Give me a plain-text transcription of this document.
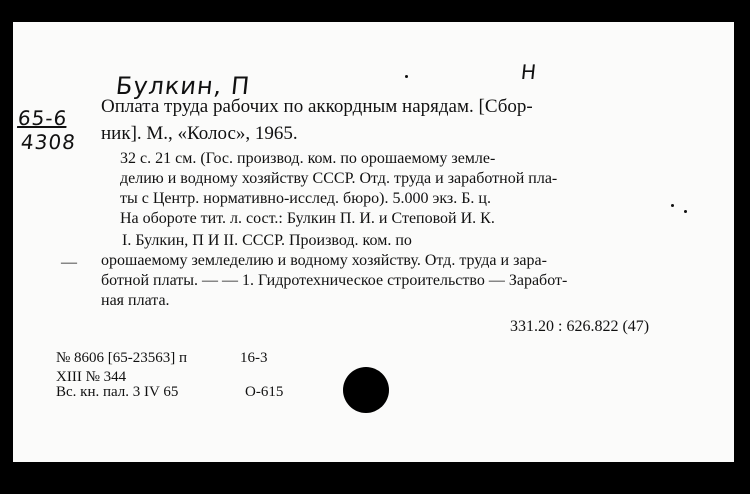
Булкин, П	Н
65-6
4308
Оплата труда рабочих по аккордным нарядам. [Сбор-
ник]. М., «Колос», 1965.
32 с. 21 см. (Гос. производ. ком. по орошаемому земле-
делию и водному хозяйству СССР. Отд. труда и заработной пла-
ты с Центр. нормативно-исслед. бюро). 5.000 экз. Б. ц.
На обороте тит. л. сост.: Булкин П. И. и Степовой И. К.
I. Булкин, П И II. СССР. Производ. ком. по
— орошаемому земледелию и водному хозяйству. Отд. труда и зара-
ботной платы. — — 1. Гидротехническое строительство — Заработ-
ная плата.
331.20 : 626.822 (47)
№ 8606 [65-23563] п	16-3
XIII № 344
Вс. кн. пал. 3 IV 65	О-615
